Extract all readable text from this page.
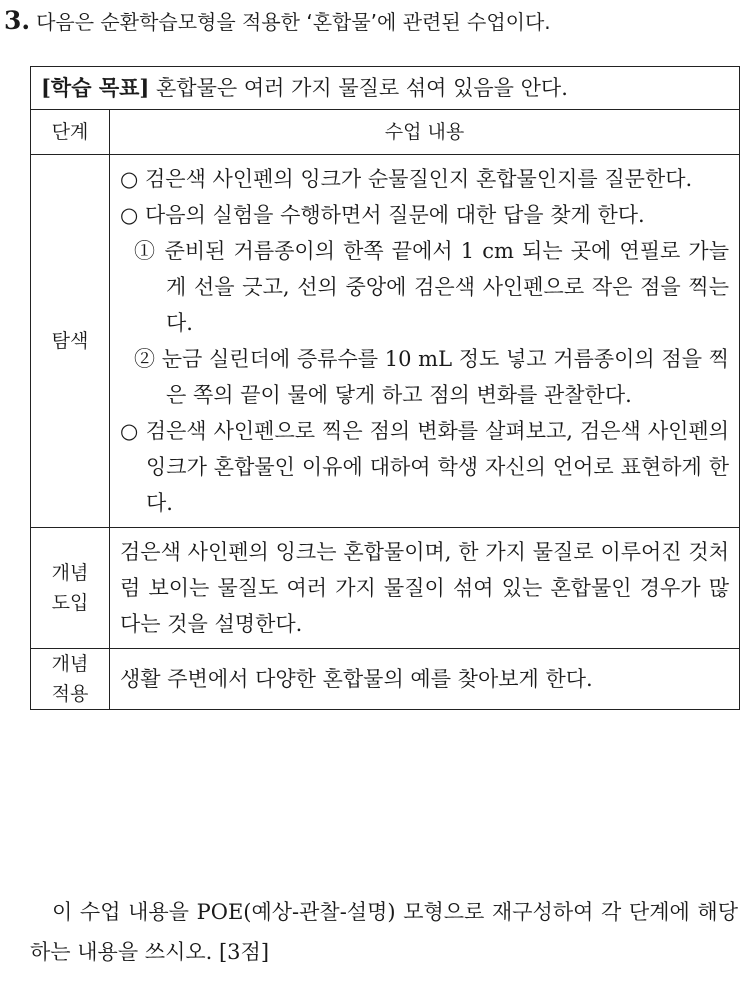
3. 다음은 순환학습모형을 적용한 ‘혼합물’에 관련된 수업이다.
[학습 목표] 혼합물은 여러 가지 물질로 섞여 있음을 안다.
단계	수업 내용
탐색

○ 검은색 사인펜의 잉크가 순물질인지 혼합물인지를 질문한다.

○ 다음의 실험을 수행하면서 질문에 대한 답을 찾게 한다.

① 준비된 거름종이의 한쪽 끝에서 1 cm 되는 곳에 연필로 가늘게 선을 긋고, 선의 중앙에 검은색 사인펜으로 작은 점을 찍는다.

② 눈금 실린더에 증류수를 10 mL 정도 넣고 거름종이의 점을 찍은 쪽의 끝이 물에 닿게 하고 점의 변화를 관찰한다.

○ 검은색 사인펜으로 찍은 점의 변화를 살펴보고, 검은색 사인펜의 잉크가 혼합물인 이유에 대하여 학생 자신의 언어로 표현하게 한다.

개념
도입
검은색 사인펜의 잉크는 혼합물이며, 한 가지 물질로 이루어진 것처럼 보이는 물질도 여러 가지 물질이 섞여 있는 혼합물인 경우가 많다는 것을 설명한다.
개념
적용
생활 주변에서 다양한 혼합물의 예를 찾아보게 한다.

이 수업 내용을 POE(예상-관찰-설명) 모형으로 재구성하여 각 단계에 해당하는 내용을 쓰시오. [3점]
